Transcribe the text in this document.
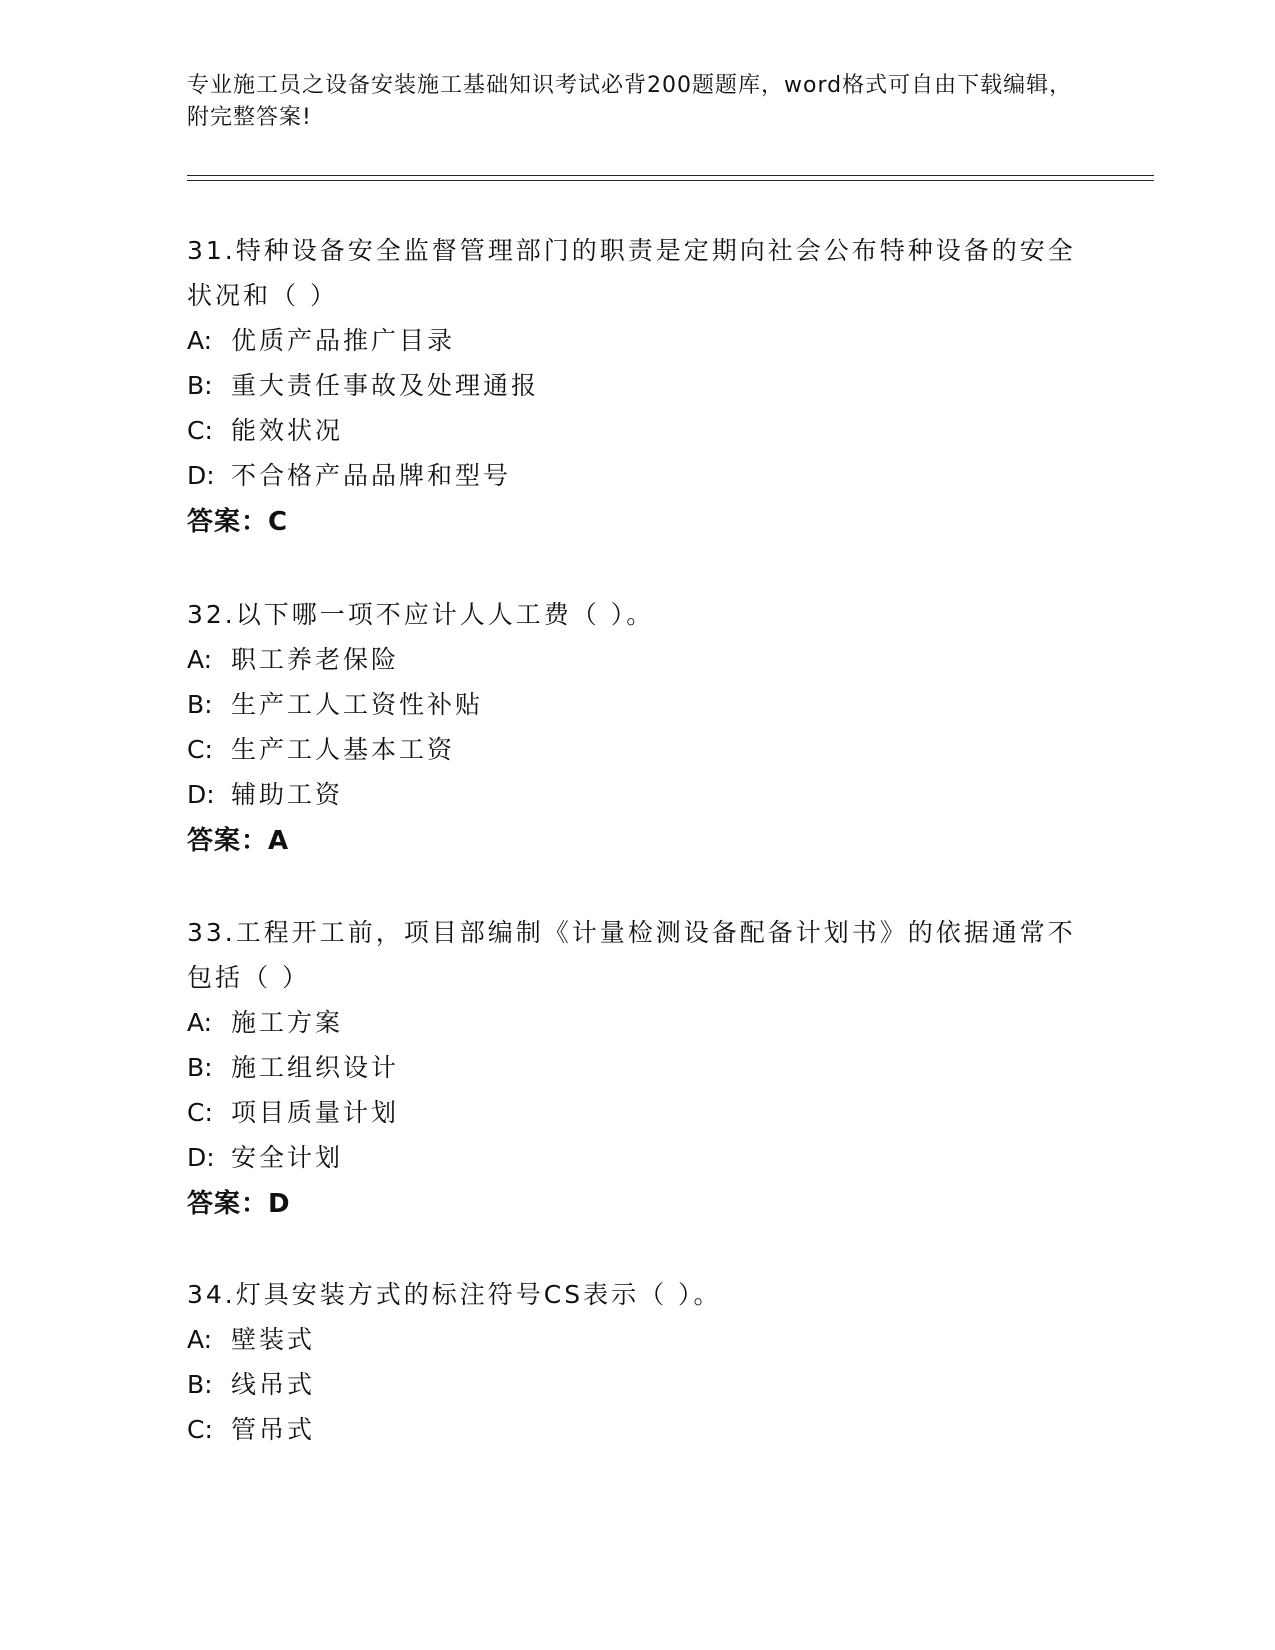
专业施工员之设备安装施工基础知识考试必背200题题库，word格式可自由下载编辑，附完整答案!

31.特种设备安全监督管理部门的职责是定期向社会公布特种设备的安全状况和（ ）

A: 优质产品推广目录

B: 重大责任事故及处理通报

C: 能效状况

D: 不合格产品品牌和型号

答案：C

32.以下哪一项不应计人人工费（ ）。

A: 职工养老保险

B: 生产工人工资性补贴

C: 生产工人基本工资

D: 辅助工资

答案：A

33.工程开工前，项目部编制《计量检测设备配备计划书》的依据通常不包括（ ）

A: 施工方案

B: 施工组织设计

C: 项目质量计划

D: 安全计划

答案：D

34.灯具安装方式的标注符号CS表示（ ）。

A: 壁装式

B: 线吊式

C: 管吊式
